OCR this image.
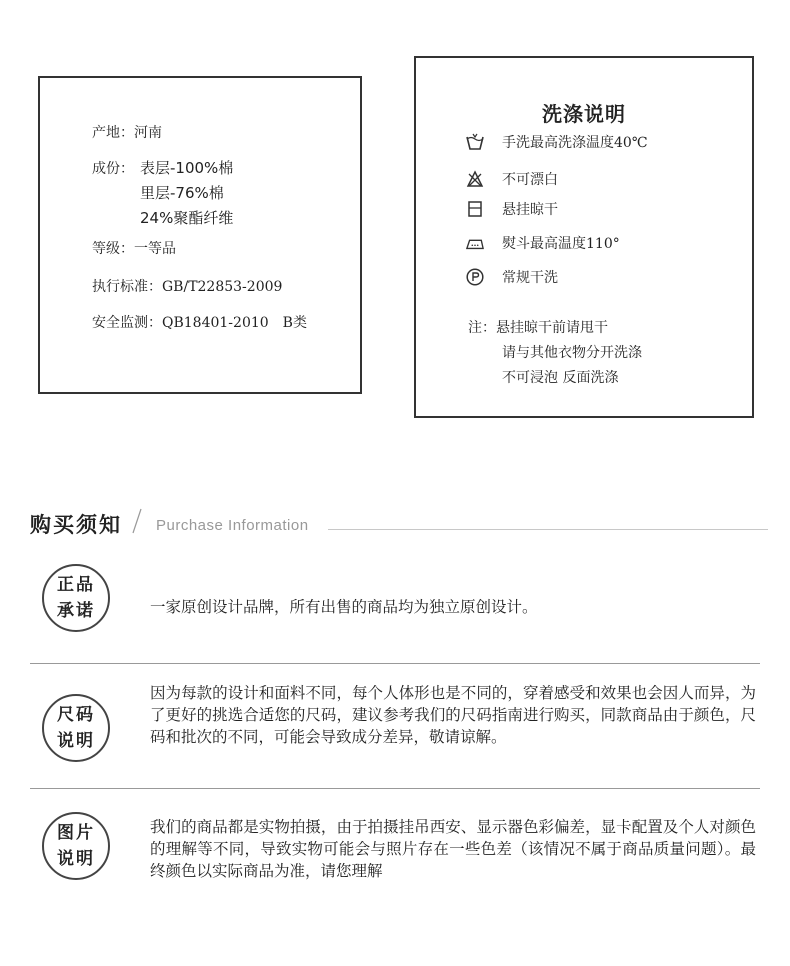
产地：河南
成份： 表层-100%棉
里层-76%棉
24%聚酯纤维
等级：一等品
执行标准：GB/T22853-2009
安全监测：QB18401-2010　B类
洗涤说明
手洗最高洗涤温度40℃
不可漂白
悬挂晾干
熨斗最高温度110°
常规干洗
注：悬挂晾干前请甩干
请与其他衣物分开洗涤
不可浸泡 反面洗涤
购买须知 Purchase Information
正品
承诺	一家原创设计品牌，所有出售的商品均为独立原创设计。
尺码
说明
因为每款的设计和面料不同，每个人体形也是不同的，穿着感受和效果也会因人而异，为了更好的挑选合适您的尺码，建议参考我们的尺码指南进行购买，同款商品由于颜色，尺码和批次的不同，可能会导致成分差异，敬请谅解。
图片
说明
我们的商品都是实物拍摄，由于拍摄挂吊西安、显示器色彩偏差，显卡配置及个人对颜色的理解等不同，导致实物可能会与照片存在一些色差（该情况不属于商品质量问题）。最终颜色以实际商品为准，请您理解
